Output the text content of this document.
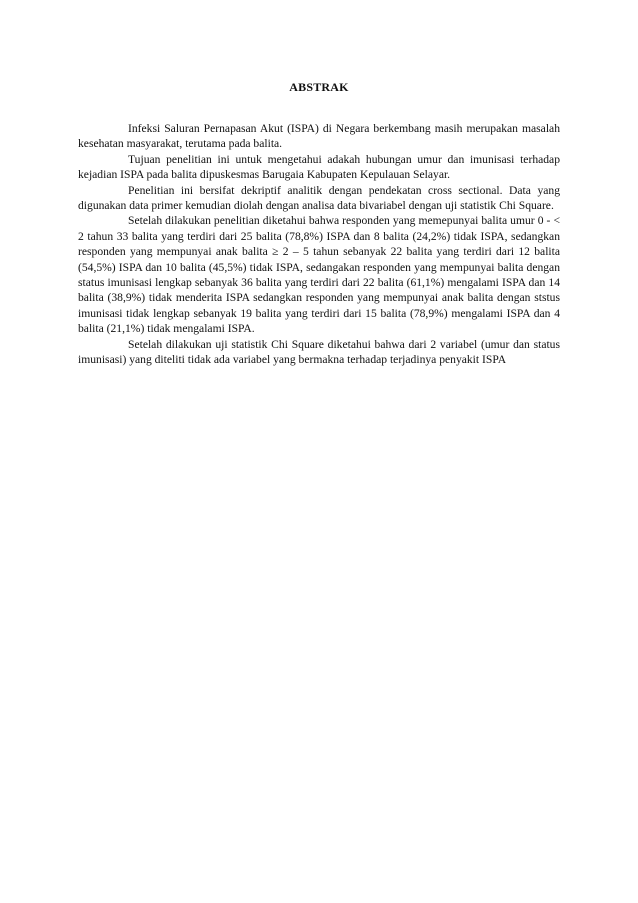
ABSTRAK

Infeksi Saluran Pernapasan Akut (ISPA) di Negara berkembang masih merupakan masalah kesehatan masyarakat, terutama pada balita.

Tujuan penelitian ini untuk mengetahui adakah hubungan umur dan imunisasi terhadap kejadian ISPA pada balita dipuskesmas Barugaia Kabupaten Kepulauan Selayar.

Penelitian ini bersifat dekriptif analitik dengan pendekatan cross sectional. Data yang digunakan data primer kemudian diolah dengan analisa data bivariabel dengan uji statistik Chi Square.

Setelah dilakukan penelitian diketahui bahwa responden yang memepunyai balita umur 0 - < 2 tahun 33 balita yang terdiri dari 25 balita (78,8%) ISPA dan 8 balita (24,2%) tidak ISPA, sedangkan responden yang mempunyai anak balita ≥ 2 – 5 tahun sebanyak 22 balita yang terdiri dari 12 balita (54,5%) ISPA dan 10 balita (45,5%) tidak ISPA, sedangakan responden yang mempunyai balita dengan status imunisasi lengkap sebanyak 36 balita yang terdiri dari 22 balita (61,1%) mengalami ISPA dan 14 balita (38,9%) tidak menderita ISPA sedangkan responden yang mempunyai anak balita dengan ststus imunisasi tidak lengkap sebanyak 19 balita yang terdiri dari 15 balita (78,9%) mengalami ISPA dan 4 balita (21,1%) tidak mengalami ISPA.

Setelah dilakukan uji statistik Chi Square diketahui bahwa dari 2 variabel (umur dan status imunisasi) yang diteliti tidak ada variabel yang bermakna terhadap terjadinya penyakit ISPA
